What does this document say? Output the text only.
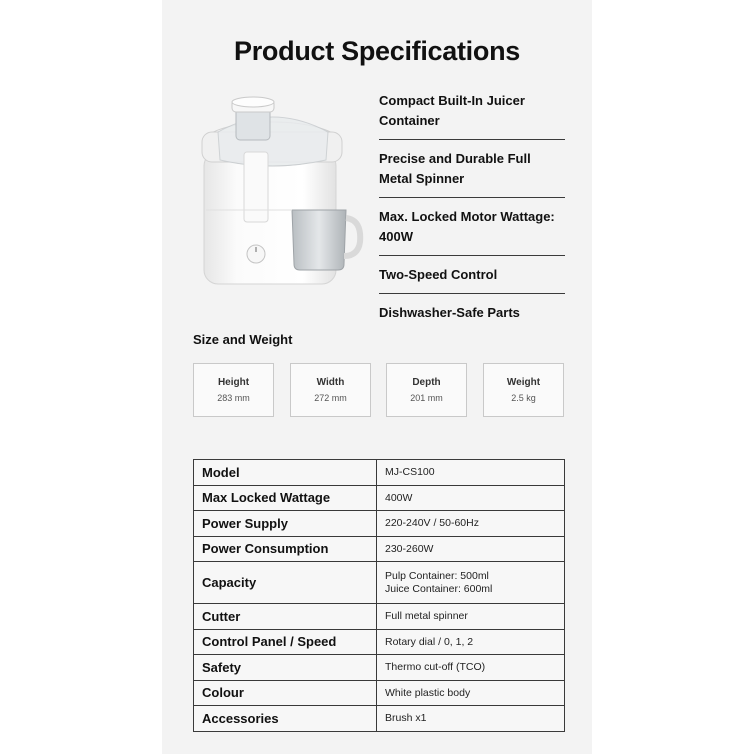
Product Specifications
Compact Built-In Juicer
Container
Precise and Durable Full
Metal Spinner
Max. Locked Motor Wattage:
400W
Two-Speed Control
Dishwasher-Safe Parts
Size and Weight
Height
283 mm
Width
272 mm
Depth
201 mm
Weight
2.5 kg
Model	MJ-CS100
Max Locked Wattage	400W
Power Supply	220-240V / 50-60Hz
Power Consumption	230-260W
Capacity	Pulp Container: 500ml
Juice Container: 600ml

Cutter	Full metal spinner
Control Panel / Speed	Rotary dial / 0, 1, 2
Safety	Thermo cut-off (TCO)
Colour	White plastic body
Accessories	Brush x1
